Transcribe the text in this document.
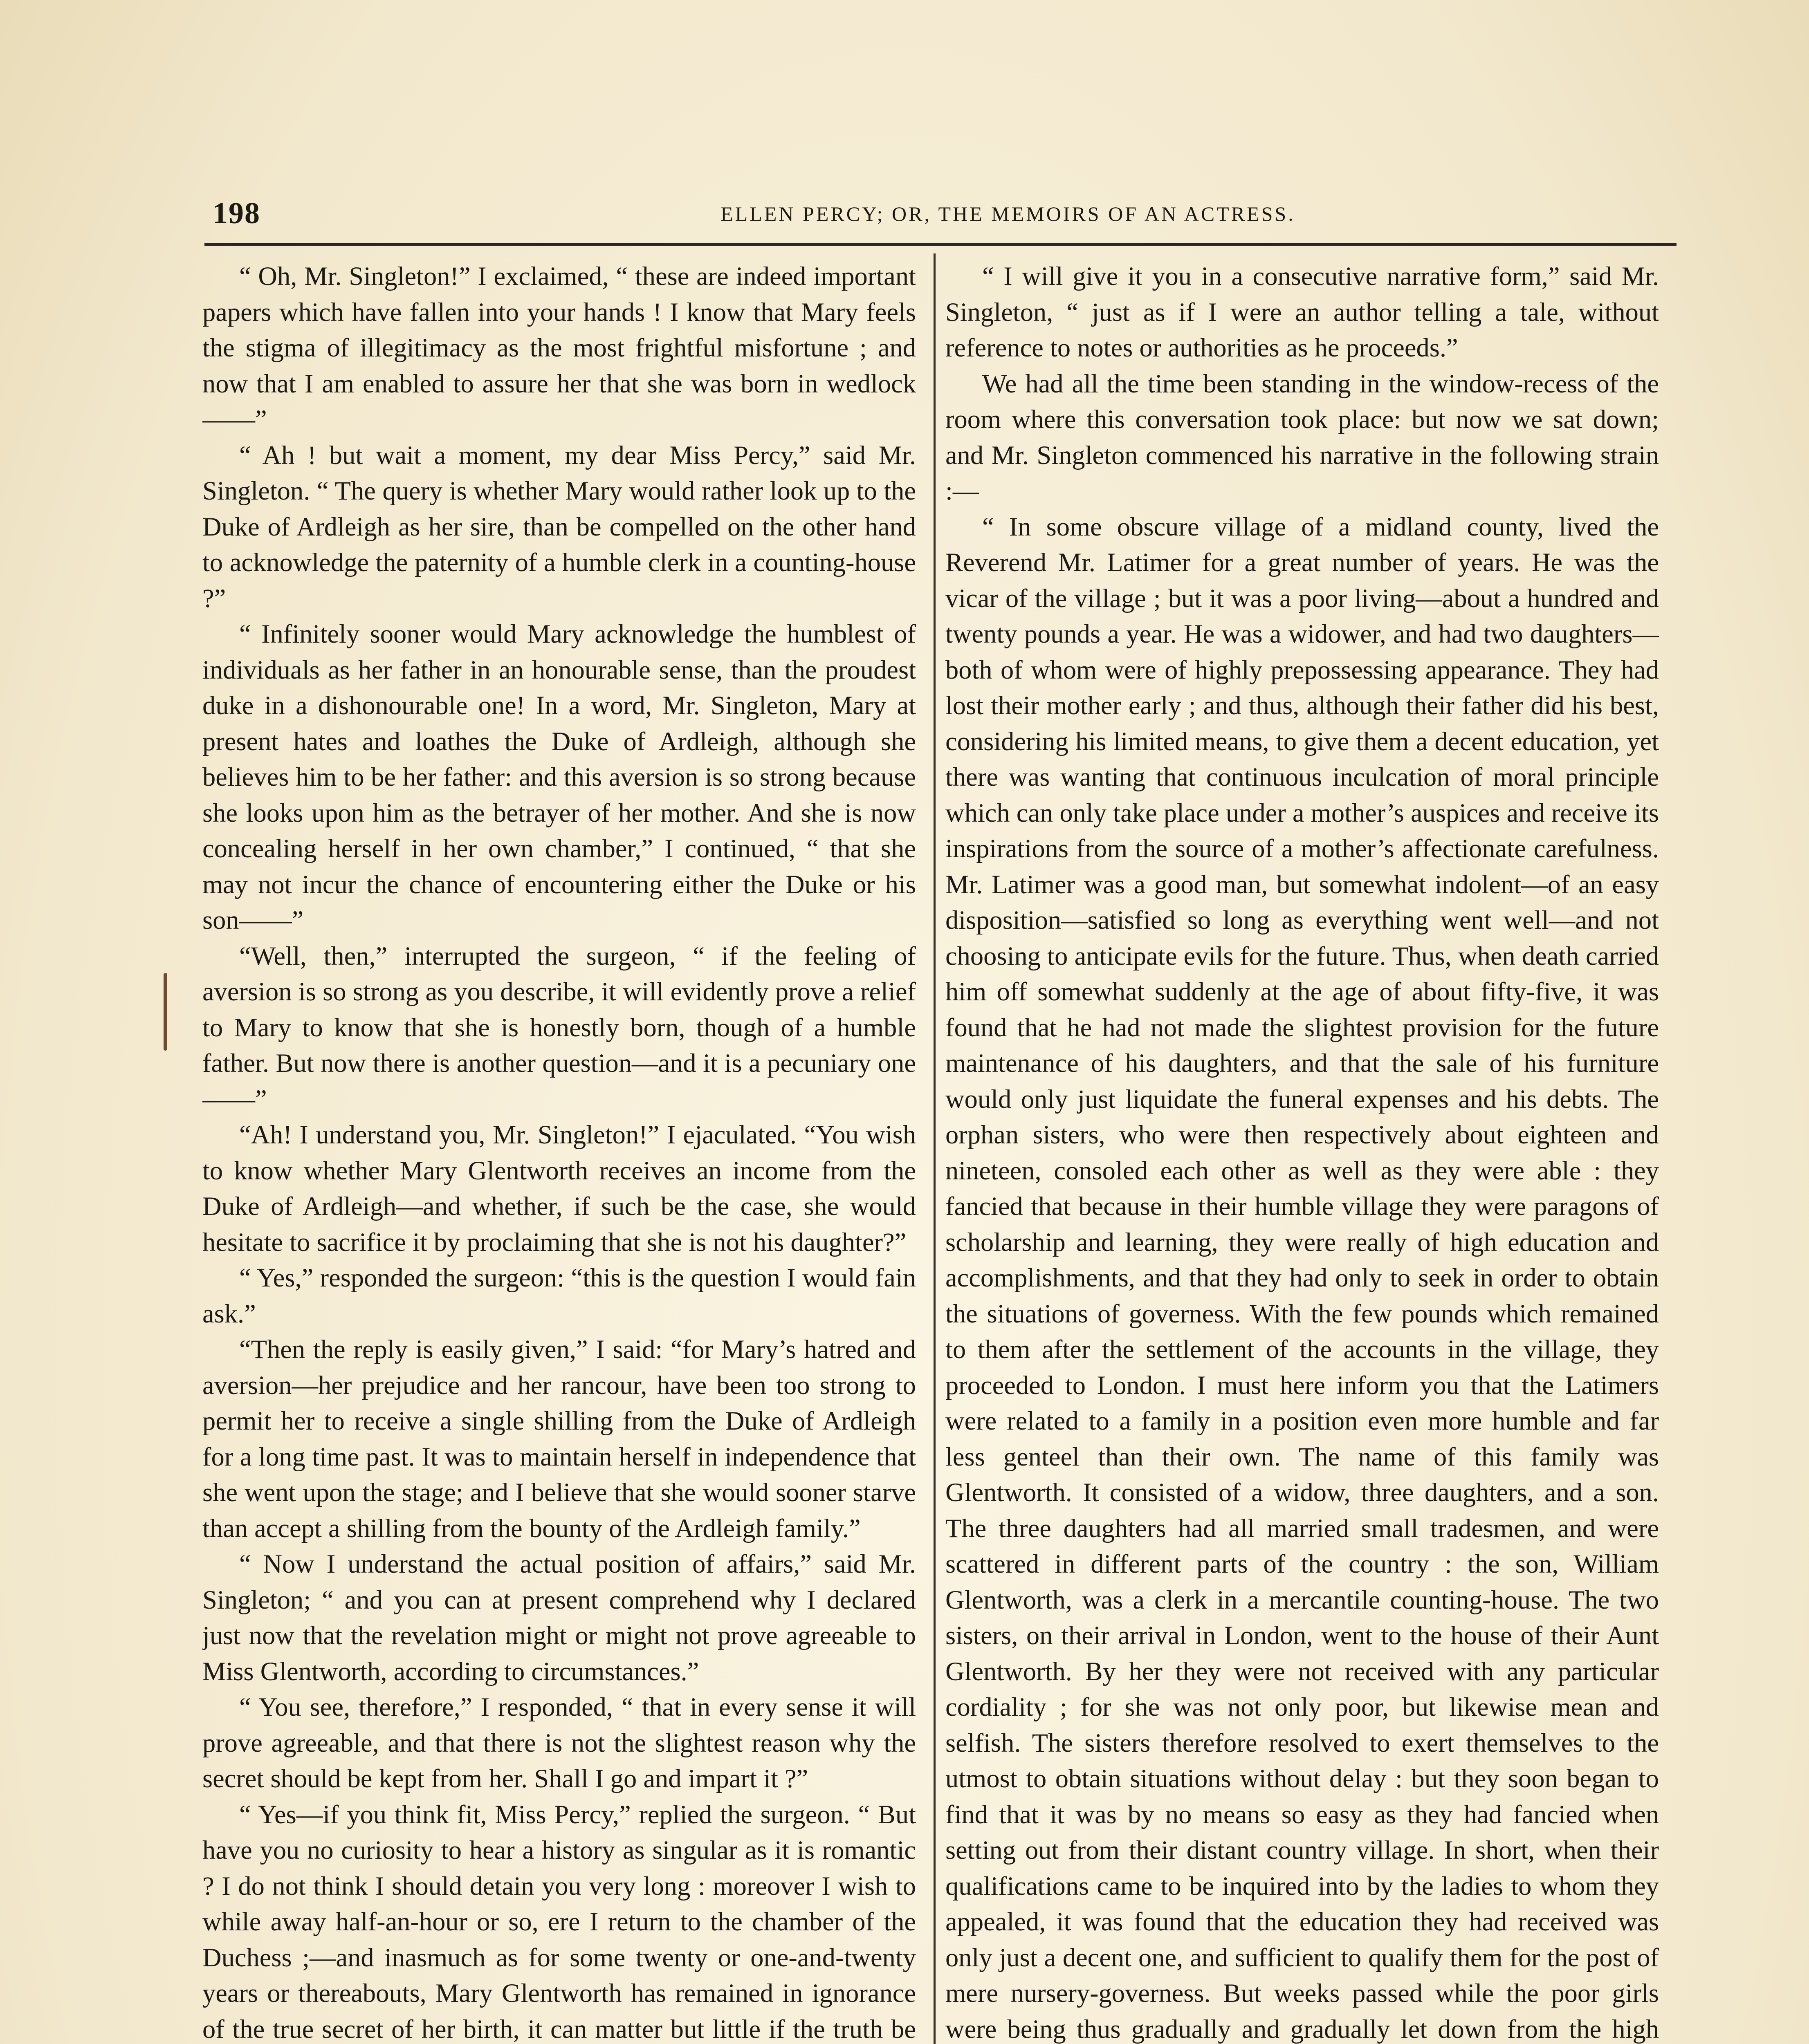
198	ELLEN PERCY; OR, THE MEMOIRS OF AN ACTRESS.

“ Oh, Mr. Singleton!” I exclaimed, “ these are indeed important papers which have fallen into your hands ! I know that Mary feels the stigma of illegitimacy as the most frightful misfortune ; and now that I am enabled to assure her that she was born in wedlock——”

“ Ah ! but wait a moment, my dear Miss Percy,” said Mr. Singleton. “ The query is whether Mary would rather look up to the Duke of Ardleigh as her sire, than be compelled on the other hand to acknowledge the paternity of a humble clerk in a counting-house ?”

“ Infinitely sooner would Mary acknowledge the humblest of individuals as her father in an honourable sense, than the proudest duke in a dishonourable one! In a word, Mr. Singleton, Mary at present hates and loathes the Duke of Ardleigh, although she believes him to be her father: and this aversion is so strong because she looks upon him as the betrayer of her mother. And she is now concealing herself in her own chamber,” I continued, “ that she may not incur the chance of encountering either the Duke or his son——”

“Well, then,” interrupted the surgeon, “ if the feeling of aversion is so strong as you describe, it will evidently prove a relief to Mary to know that she is honestly born, though of a humble father. But now there is another question—and it is a pecuniary one——”

“Ah! I understand you, Mr. Singleton!” I ejaculated. “You wish to know whether Mary Glentworth receives an income from the Duke of Ardleigh—and whether, if such be the case, she would hesitate to sacrifice it by proclaiming that she is not his daughter?”

“ Yes,” responded the surgeon: “this is the question I would fain ask.”

“Then the reply is easily given,” I said: “for Mary’s hatred and aversion—her prejudice and her rancour, have been too strong to permit her to receive a single shilling from the Duke of Ardleigh for a long time past. It was to maintain herself in independence that she went upon the stage; and I believe that she would sooner starve than accept a shilling from the bounty of the Ardleigh family.”

“ Now I understand the actual position of affairs,” said Mr. Singleton; “ and you can at present comprehend why I declared just now that the revelation might or might not prove agreeable to Miss Glentworth, according to circumstances.”

“ You see, therefore,” I responded, “ that in every sense it will prove agreeable, and that there is not the slightest reason why the secret should be kept from her. Shall I go and impart it ?”

“ Yes—if you think fit, Miss Percy,” replied the surgeon. “ But have you no curiosity to hear a history as singular as it is romantic ? I do not think I should detain you very long : moreover I wish to while away half-an-hour or so, ere I return to the chamber of the Duchess ;—and inasmuch as for some twenty or one-and-twenty years or thereabouts, Mary Glentworth has remained in ignorance of the true secret of her birth, it can matter but little if the truth be

“ I will give it you in a consecutive narrative form,” said Mr. Singleton, “ just as if I were an author telling a tale, without reference to notes or authorities as he proceeds.”

We had all the time been standing in the window-recess of the room where this conversation took place: but now we sat down; and Mr. Singleton commenced his narrative in the following strain :—

“ In some obscure village of a midland county, lived the Reverend Mr. Latimer for a great number of years. He was the vicar of the village ; but it was a poor living—about a hundred and twenty pounds a year. He was a widower, and had two daughters—both of whom were of highly prepossessing appearance. They had lost their mother early ; and thus, although their father did his best, considering his limited means, to give them a decent education, yet there was wanting that continuous inculcation of moral principle which can only take place under a mother’s auspices and receive its inspirations from the source of a mother’s affectionate carefulness. Mr. Latimer was a good man, but somewhat indolent—of an easy disposition—satisfied so long as everything went well—and not choosing to anticipate evils for the future. Thus, when death carried him off somewhat suddenly at the age of about fifty-five, it was found that he had not made the slightest provision for the future maintenance of his daughters, and that the sale of his furniture would only just liquidate the funeral expenses and his debts. The orphan sisters, who were then respectively about eighteen and nineteen, consoled each other as well as they were able : they fancied that because in their humble village they were paragons of scholarship and learning, they were really of high education and accomplishments, and that they had only to seek in order to obtain the situations of governess. With the few pounds which remained to them after the settlement of the accounts in the village, they proceeded to London. I must here inform you that the Latimers were related to a family in a position even more humble and far less genteel than their own. The name of this family was Glentworth. It consisted of a widow, three daughters, and a son. The three daughters had all married small tradesmen, and were scattered in different parts of the country : the son, William Glentworth, was a clerk in a mercantile counting-house. The two sisters, on their arrival in London, went to the house of their Aunt Glentworth. By her they were not received with any particular cordiality ; for she was not only poor, but likewise mean and selfish. The sisters therefore resolved to exert themselves to the utmost to obtain situations without delay : but they soon began to find that it was by no means so easy as they had fancied when setting out from their distant country village. In short, when their qualifications came to be inquired into by the ladies to whom they appealed, it was found that the education they had received was only just a decent one, and sufficient to qualify them for the post of mere nursery-governess. But weeks passed while the poor girls were being thus gradually and gradually let down from the high
